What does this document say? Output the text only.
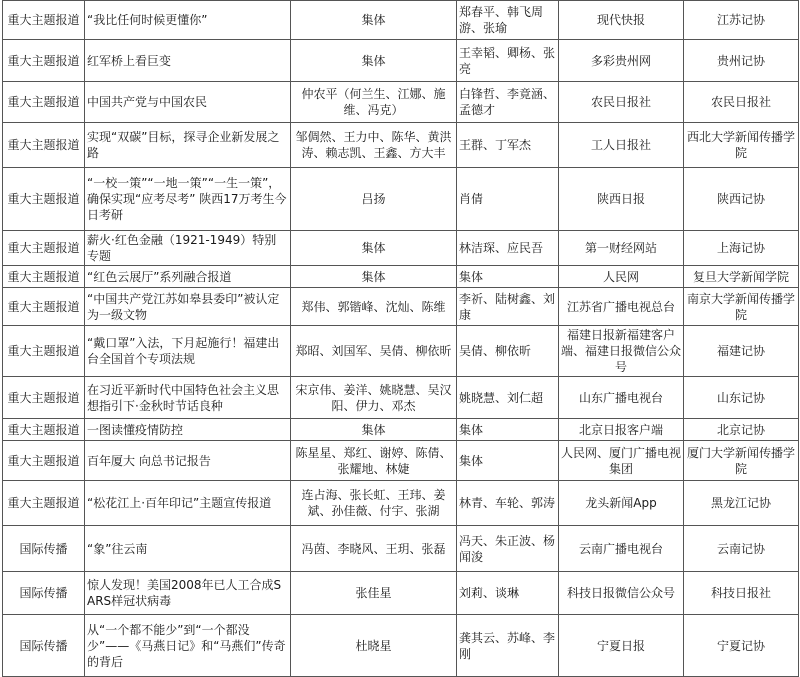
重大主题报道	“我比任何时候更懂你”	集体	郑春平、韩飞周游、张瑜	现代快报	江苏记协
重大主题报道	红军桥上看巨变	集体	王幸韬、卿杨、张亮	多彩贵州网	贵州记协
重大主题报道	中国共产党与中国农民	仲农平（何兰生、江娜、施维、冯克）	白锋哲、李竟涵、孟德才	农民日报社	农民日报社
重大主题报道	实现“双碳”目标，探寻企业新发展之路	邹倜然、王力中、陈华、黄洪涛、赖志凯、王鑫、方大丰	王群、丁军杰	工人日报社	西北大学新闻传播学院
重大主题报道	“一校一策”“一地一策”“一生一策”，确保实现“应考尽考” 陕西17万考生今日考研	吕扬	肖倩	陕西日报	陕西记协
重大主题报道	薪火·红色金融（1921-1949）特别专题	集体	林洁琛、应民吾	第一财经网站	上海记协
重大主题报道	“红色云展厅”系列融合报道	集体	集体	人民网	复旦大学新闻学院
重大主题报道	“中国共产党江苏如皋县委印”被认定为一级文物	郑伟、郭锴峰、沈灿、陈维	李祈、陆树鑫、刘康	江苏省广播电视总台	南京大学新闻传播学院
重大主题报道	“戴口罩”入法，下月起施行！福建出台全国首个专项法规	郑昭、刘国军、吴倩、柳依昕	吴倩、柳依昕	福建日报新福建客户端、福建日报微信公众号	福建记协
重大主题报道	在习近平新时代中国特色社会主义思想指引下·金秋时节话良种	宋京伟、姜洋、姚晓慧、吴汉阳、伊力、邓杰	姚晓慧、刘仁超	山东广播电视台	山东记协
重大主题报道	一图读懂疫情防控	集体	集体	北京日报客户端	北京记协
重大主题报道	百年厦大 向总书记报告	陈星星、郑红、谢婷、陈倩、张耀地、林婕	集体	人民网、厦门广播电视集团	厦门大学新闻传播学院
重大主题报道	“松花江上·百年印记”主题宣传报道	连占海、张长虹、王玮、姜斌、孙佳薇、付宇、张湖	林青、车轮、郭涛	龙头新闻App	黑龙江记协
国际传播	“象”往云南	冯茵、李晓风、王玥、张磊	冯天、朱正波、杨闻浚	云南广播电视台	云南记协
国际传播	惊人发现！美国2008年已人工合成SARS样冠状病毒	张佳星	刘莉、谈琳	科技日报微信公众号	科技日报社
国际传播	从“一个都不能少”到“一个都没少”——《马燕日记》和“马燕们”传奇的背后	杜晓星	龚其云、苏峰、李刚	宁夏日报	宁夏记协
